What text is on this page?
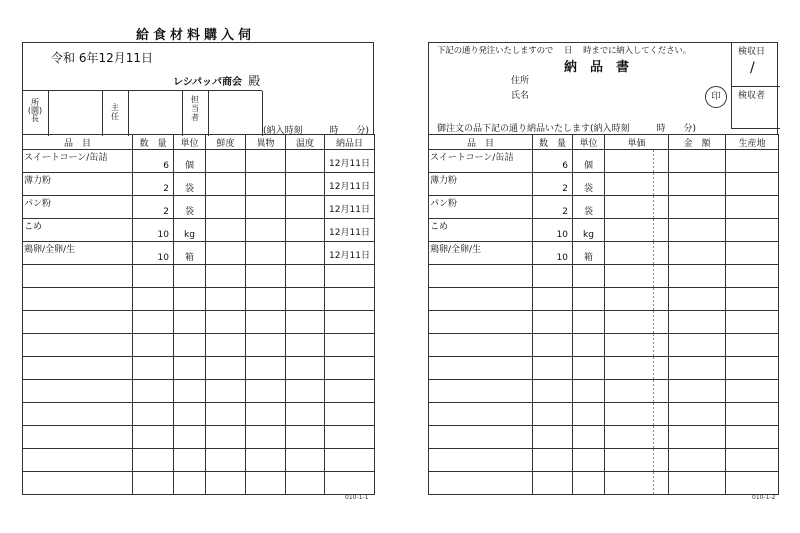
給食材料購入伺
令和 6年12月11日
レシパッパ商会 殿
所
(園)
長
主
任
担
当
者
(納入時刻　　　時　　分)
品　目	数　量	単位	鮮度	異物	温度	納品日

スイートコーン/缶詰	6	個				12月11日

薄力粉	2	袋				12月11日

パン粉	2	袋				12月11日

こめ	10	kg				12月11日

鶏卵/全卵/生	10	箱				12月11日

010-1-1
下記の通り発注いたしますので　 日　 時までに納入してください。
納　品　書
住所
氏名	印
御注文の品下記の通り納品いたします(納入時刻　　　時　　分)
検収日
/
検収者
品　目	数　量	単位	単価	金　額	生産地

スイートコーン/缶詰	6	個			

薄力粉	2	袋			

パン粉	2	袋			

こめ	10	kg			

鶏卵/全卵/生	10	箱			

010-1-2
